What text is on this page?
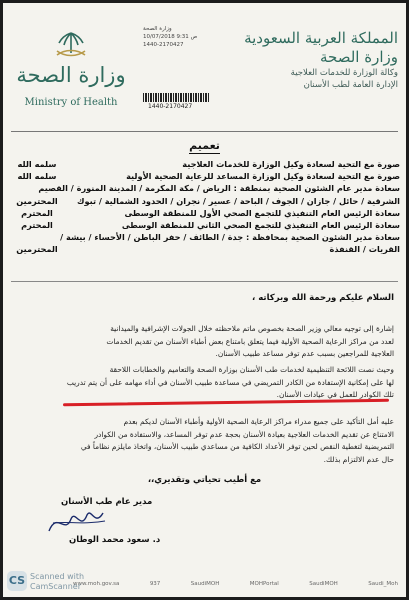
وزارة الصحة
Ministry of Health
وزارة الصحة
10/07/2018 9:31 ص
1440-2170427
1440-2170427
المملكة العربية السعودية
وزارة الصحة
وكالة الوزارة للخدمات العلاجية
الإدارة العامة لطب الأسنان
تعميم
صورة مع التحية لسعادة وكيل الوزارة للخدمات العلاجية
سلمه الله
صورة مع التحية لسعادة وكيل الوزارة المساعد للرعاية الصحية الأولية
سلمه الله
سعادة مدير عام الشئون الصحية بمنطقة : الرياض / مكة المكرمة / المدينة المنورة / القصيم
الشرقية / حائل / جازان / الجوف / الباحة / عسير / نجران / الحدود الشمالية / تبوك
المحترمين
سعادة الرئيس العام التنفيذي للتجمع الصحي الأول للمنطقة الوسطى
المحترم
سعادة الرئيس العام التنفيذي للتجمع الصحي الثاني للمنطقة الوسطى
المحترم
سعادة مدير الشئون الصحية بمحافظة : جدة / الطائف / حفر الباطن / الأحساء / بيشة /
القريات / القنفذة
المحترمين
السلام عليكم ورحمة الله وبركاته ،
إشارة إلى توجيه معالي وزير الصحة بخصوص ماتم ملاحظته خلال الجولات الإشرافية والميدانية
لعدد من مراكز الرعاية الصحية الأولية فيما يتعلق بامتناع بعض أطباء الأسنان من تقديم الخدمات
العلاجية للمراجعين بسبب عدم توفر مساعد طبيب الأسنان.
وحيث نصت اللائحة التنظيمية لخدمات طب الأسنان بوزارة الصحة والتعاميم والخطابات اللاحقة
لها على إمكانية الإستفادة من الكادر التمريضي في مساعدة طبيب الأسنان في أداء مهامه على أن يتم تدريب
تلك الكوادر للعمل في عيادات الأسنان.
عليه أمل التأكيد على جميع مدراء مراكز الرعاية الصحية الأولية وأطباء الأسنان لديكم بعدم
الامتناع عن تقديم الخدمات العلاجية بعيادة الأسنان بحجة عدم توفر المساعد، والاستفادة من الكوادر
التمريضية لتغطية النقص لحين توفر الأعداد الكافية من مساعدي طبيب الأسنان، واتخاذ مايلزم نظاماً في
حال عدم الالتزام بذلك.
مع أطيب تحياتي وتقديري،،
مدير عام طب الأسنان
د. سعود محمد الوطان
www.moh.gov.sa	937	SaudiMOH	MOHPortal	SaudiMOH	Saudi_Moh
CS Scanned with
CamScanner
